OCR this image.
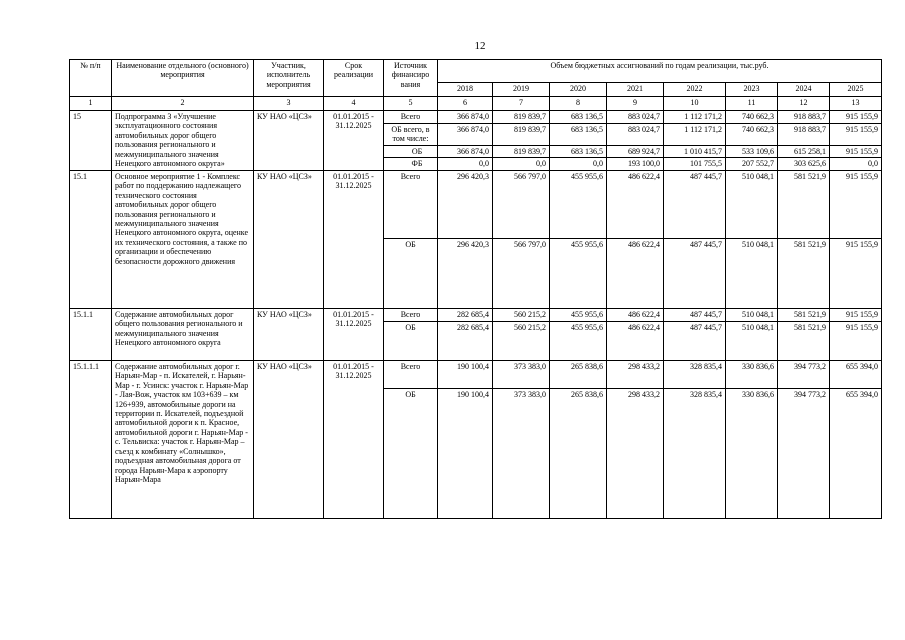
12
№ п/п	Наименование отдельного (основного) мероприятия	Участник, исполнитель мероприятия	Срок реализации	Источник финансиро вания	Объем бюджетных ассигнований по годам реализации, тыс.руб.							
					2018	2019	2020	2021	2022	2023	2024	2025
1	2	3	4	5	6	7	8	9	10	11	12	13
15	Подпрограмма 3 «Улучшение эксплуатационного состояния автомобильных дорог общего пользования регионального и межмуниципального значения Ненецкого автономного округа»	КУ НАО «ЦСЗ»	01.01.2015 - 31.12.2025	Всего	366 874,0	819 839,7	683 136,5	883 024,7	1 112 171,2	740 662,3	918 883,7	915 155,9
				ОБ всего, в том числе:	366 874,0	819 839,7	683 136,5	883 024,7	1 112 171,2	740 662,3	918 883,7	915 155,9
				ОБ	366 874,0	819 839,7	683 136,5	689 924,7	1 010 415,7	533 109,6	615 258,1	915 155,9
				ФБ	0,0	0,0	0,0	193 100,0	101 755,5	207 552,7	303 625,6	0,0
15.1	Основное мероприятие 1 - Комплекс работ по поддержанию надлежащего технического состояния автомобильных дорог общего пользования регионального и межмуниципального значения Ненецкого автономного округа, оценке их технического состояния, а также по организации и обеспечению безопасности дорожного движения	КУ НАО «ЦСЗ»	01.01.2015 - 31.12.2025	Всего	296 420,3	566 797,0	455 955,6	486 622,4	487 445,7	510 048,1	581 521,9	915 155,9
				ОБ	296 420,3	566 797,0	455 955,6	486 622,4	487 445,7	510 048,1	581 521,9	915 155,9
15.1.1	Содержание автомобильных дорог общего пользования регионального и межмуниципального значения Ненецкого автономного округа	КУ НАО «ЦСЗ»	01.01.2015 - 31.12.2025	Всего	282 685,4	560 215,2	455 955,6	486 622,4	487 445,7	510 048,1	581 521,9	915 155,9
				ОБ	282 685,4	560 215,2	455 955,6	486 622,4	487 445,7	510 048,1	581 521,9	915 155,9
15.1.1.1	Содержание автомобильных дорог г. Нарьян-Мар - п. Искателей, г. Нарьян-Мар - г. Усинск: участок г. Нарьян-Мар - Лая-Вож, участок км 103+639 – км 126+939, автомобильные дороги на территории п. Искателей, подъездной автомобильной дороги к п. Красное, автомобильной дороги г. Нарьян-Мар - с. Тельвиска: участок г. Нарьян-Мар – съезд к комбинату «Солнышко», подъездная автомобильная дорога от города Нарьян-Мара к аэропорту Нарьян-Мара	КУ НАО «ЦСЗ»	01.01.2015 - 31.12.2025	Всего	190 100,4	373 383,0	265 838,6	298 433,2	328 835,4	330 836,6	394 773,2	655 394,0
				ОБ	190 100,4	373 383,0	265 838,6	298 433,2	328 835,4	330 836,6	394 773,2	655 394,0
